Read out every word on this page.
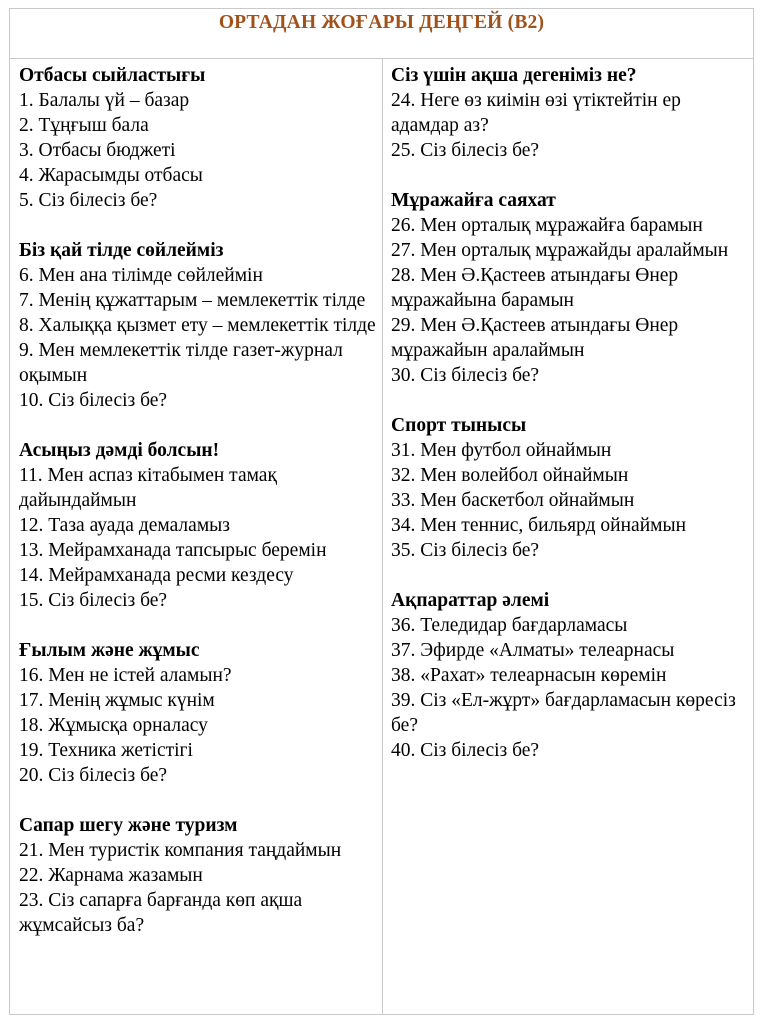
ОРТАДАН ЖОҒАРЫ ДЕҢГЕЙ (В2)
Отбасы сыйластығы
1. Балалы үй – базар
2. Тұңғыш бала
3. Отбасы бюджеті
4. Жарасымды отбасы
5. Сіз білесіз бе?
Біз қай тілде сөйлейміз
6. Мен ана тілімде сөйлеймін
7. Менің құжаттарым – мемлекеттік тілде
8. Халыққа қызмет ету – мемлекеттік тілде
9. Мен мемлекеттік тілде газет-журнал оқымын
10. Сіз білесіз бе?
Асыңыз дәмді болсын!
11. Мен аспаз кітабымен тамақ дайындаймын
12. Таза ауада демаламыз
13. Мейрамханада тапсырыс беремін
14. Мейрамханада ресми кездесу
15. Сіз білесіз бе?
Ғылым және жұмыс
16. Мен не істей аламын?
17. Менің жұмыс күнім
18. Жұмысқа орналасу
19. Техника жетістігі
20. Сіз білесіз бе?
Сапар шегу және туризм
21. Мен туристік компания таңдаймын
22. Жарнама жазамын
23. Сіз сапарға барғанда көп ақша жұмсайсыз ба?
Сіз үшін ақша дегеніміз не?
24. Неге өз киімін өзі үтіктейтін ер адамдар аз?
25. Сіз білесіз бе?
Мұражайға саяхат
26. Мен орталық мұражайға барамын
27. Мен орталық мұражайды аралаймын
28. Мен Ә.Қастеев атындағы Өнер мұражайына барамын
29. Мен Ә.Қастеев атындағы Өнер мұражайын аралаймын
30. Сіз білесіз бе?
Спорт тынысы
31. Мен футбол ойнаймын
32. Мен волейбол ойнаймын
33. Мен баскетбол ойнаймын
34. Мен теннис, бильярд ойнаймын
35. Сіз білесіз бе?
Ақпараттар әлемі
36. Теледидар бағдарламасы
37. Эфирде «Алматы» телеарнасы
38. «Рахат» телеарнасын көремін
39. Сіз «Ел-жұрт» бағдарламасын көресіз бе?
40. Сіз білесіз бе?
